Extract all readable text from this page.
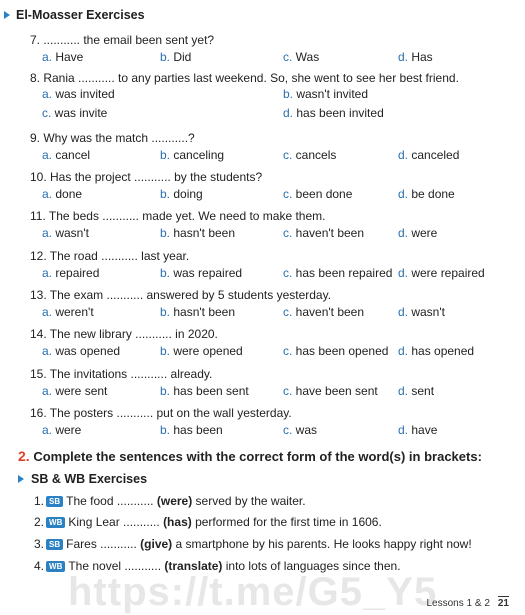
El-Moasser Exercises
7. ........... the email been sent yet?
a. Have	b. Did	c. Was	d. Has
8. Rania ........... to any parties last weekend. So, she went to see her best friend.
a. was invited	b. wasn't invited
c. was invite	d. has been invited
9. Why was the match ...........?
a. cancel	b. canceling	c. cancels	d. canceled
10. Has the project ........... by the students?
a. done	b. doing	c. been done	d. be done
11. The beds ........... made yet. We need to make them.
a. wasn't	b. hasn't been	c. haven't been	d. were
12. The road ........... last year.
a. repaired	b. was repaired	c. has been repaired d. were repaired
13. The exam ........... answered by 5 students yesterday.
a. weren't	b. hasn't been	c. haven't been	d. wasn't
14. The new library ........... in 2020.
a. was opened	b. were opened	c. has been opened d. has opened
15. The invitations ........... already.
a. were sent	b. has been sent	c. have been sent d. sent
16. The posters ........... put on the wall yesterday.
a. were	b. has been	c. was	d. have
2. Complete the sentences with the correct form of the word(s) in brackets:
SB & WB Exercises
1. SB The food ........... (were) served by the waiter.
2. WB King Lear ........... (has) performed for the first time in 1606.
3. SB Fares ........... (give) a smartphone by his parents. He looks happy right now!
4. WB The novel ........... (translate) into lots of languages since then.
https://t.me/G5_Y5
Lessons 1 & 2 21
